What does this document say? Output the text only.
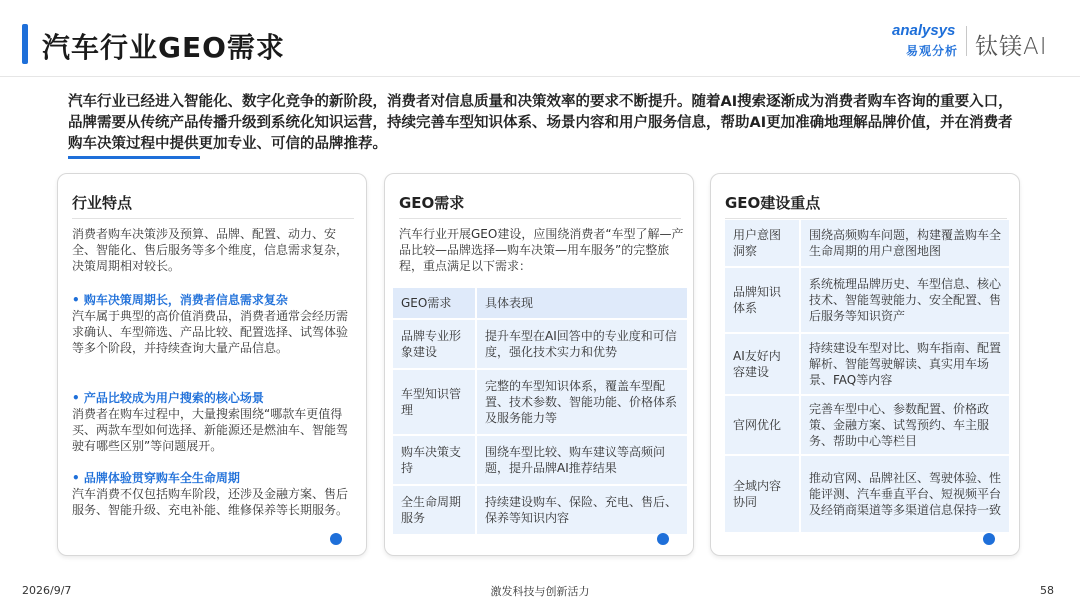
汽车行业GEO需求
analysys
易观分析 钛镁AI
汽车行业已经进入智能化、数字化竞争的新阶段，消费者对信息质量和决策效率的要求不断提升。随着AI搜索逐渐成为消费者购车咨询的重要入口，品牌需要从传统产品传播升级到系统化知识运营，持续完善车型知识体系、场景内容和用户服务信息，帮助AI更加准确地理解品牌价值，并在消费者购车决策过程中提供更加专业、可信的品牌推荐。
行业特点
消费者购车决策涉及预算、品牌、配置、动力、安全、智能化、售后服务等多个维度，信息需求复杂，决策周期相对较长。
• 购车决策周期长，消费者信息需求复杂
汽车属于典型的高价值消费品，消费者通常会经历需求确认、车型筛选、产品比较、配置选择、试驾体验等多个阶段，并持续查询大量产品信息。
• 产品比较成为用户搜索的核心场景
消费者在购车过程中，大量搜索围绕“哪款车更值得买、两款车型如何选择、新能源还是燃油车、智能驾驶有哪些区别”等问题展开。
• 品牌体验贯穿购车全生命周期
汽车消费不仅包括购车阶段，还涉及金融方案、售后服务、智能升级、充电补能、维修保养等长期服务。
GEO需求
汽车行业开展GEO建设，应围绕消费者“车型了解—产品比较—品牌选择—购车决策—用车服务”的完整旅程，重点满足以下需求：
GEO需求	具体表现
品牌专业形象建设	提升车型在AI回答中的专业度和可信度，强化技术实力和优势
车型知识管理	完整的车型知识体系，覆盖车型配置、技术参数、智能功能、价格体系及服务能力等
购车决策支持	围绕车型比较、购车建议等高频问题，提升品牌AI推荐结果
全生命周期服务	持续建设购车、保险、充电、售后、保养等知识内容
GEO建设重点
用户意图洞察	围绕高频购车问题，构建覆盖购车全生命周期的用户意图地图
品牌知识体系	系统梳理品牌历史、车型信息、核心技术、智能驾驶能力、安全配置、售后服务等知识资产
AI友好内容建设	持续建设车型对比、购车指南、配置解析、智能驾驶解读、真实用车场景、FAQ等内容
官网优化	完善车型中心、参数配置、价格政策、金融方案、试驾预约、车主服务、帮助中心等栏目
全域内容协同	推动官网、品牌社区、驾驶体验、性能评测、汽车垂直平台、短视频平台及经销商渠道等多渠道信息保持一致
2026/9/7	激发科技与创新活力	58
